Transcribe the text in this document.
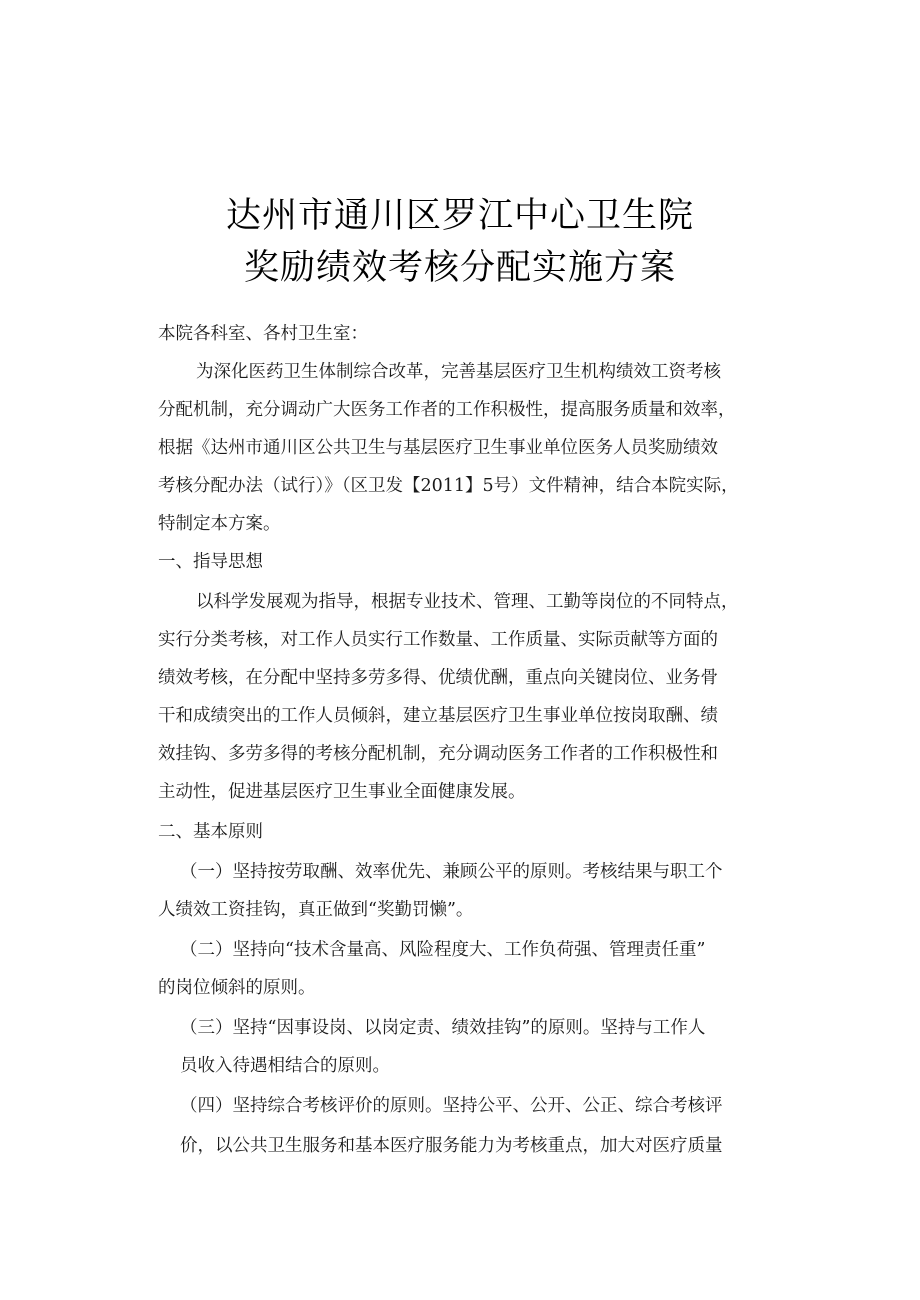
达州市通川区罗江中心卫生院
奖励绩效考核分配实施方案
本院各科室、各村卫生室：
为深化医药卫生体制综合改革，完善基层医疗卫生机构绩效工资考核
分配机制，充分调动广大医务工作者的工作积极性，提高服务质量和效率，
根据《达州市通川区公共卫生与基层医疗卫生事业单位医务人员奖励绩效
考核分配办法（试行）》（区卫发【2011】5号）文件精神，结合本院实际，
特制定本方案。
一、指导思想
以科学发展观为指导，根据专业技术、管理、工勤等岗位的不同特点，
实行分类考核，对工作人员实行工作数量、工作质量、实际贡献等方面的
绩效考核，在分配中坚持多劳多得、优绩优酬，重点向关键岗位、业务骨
干和成绩突出的工作人员倾斜，建立基层医疗卫生事业单位按岗取酬、绩
效挂钩、多劳多得的考核分配机制，充分调动医务工作者的工作积极性和
主动性，促进基层医疗卫生事业全面健康发展。
二、基本原则
（一）坚持按劳取酬、效率优先、兼顾公平的原则。考核结果与职工个
人绩效工资挂钩，真正做到“奖勤罚懒”。
（二）坚持向“技术含量高、风险程度大、工作负荷强、管理责任重”
的岗位倾斜的原则。
（三）坚持“因事设岗、以岗定责、绩效挂钩”的原则。坚持与工作人
员收入待遇相结合的原则。
（四）坚持综合考核评价的原则。坚持公平、公开、公正、综合考核评
价，以公共卫生服务和基本医疗服务能力为考核重点，加大对医疗质量
